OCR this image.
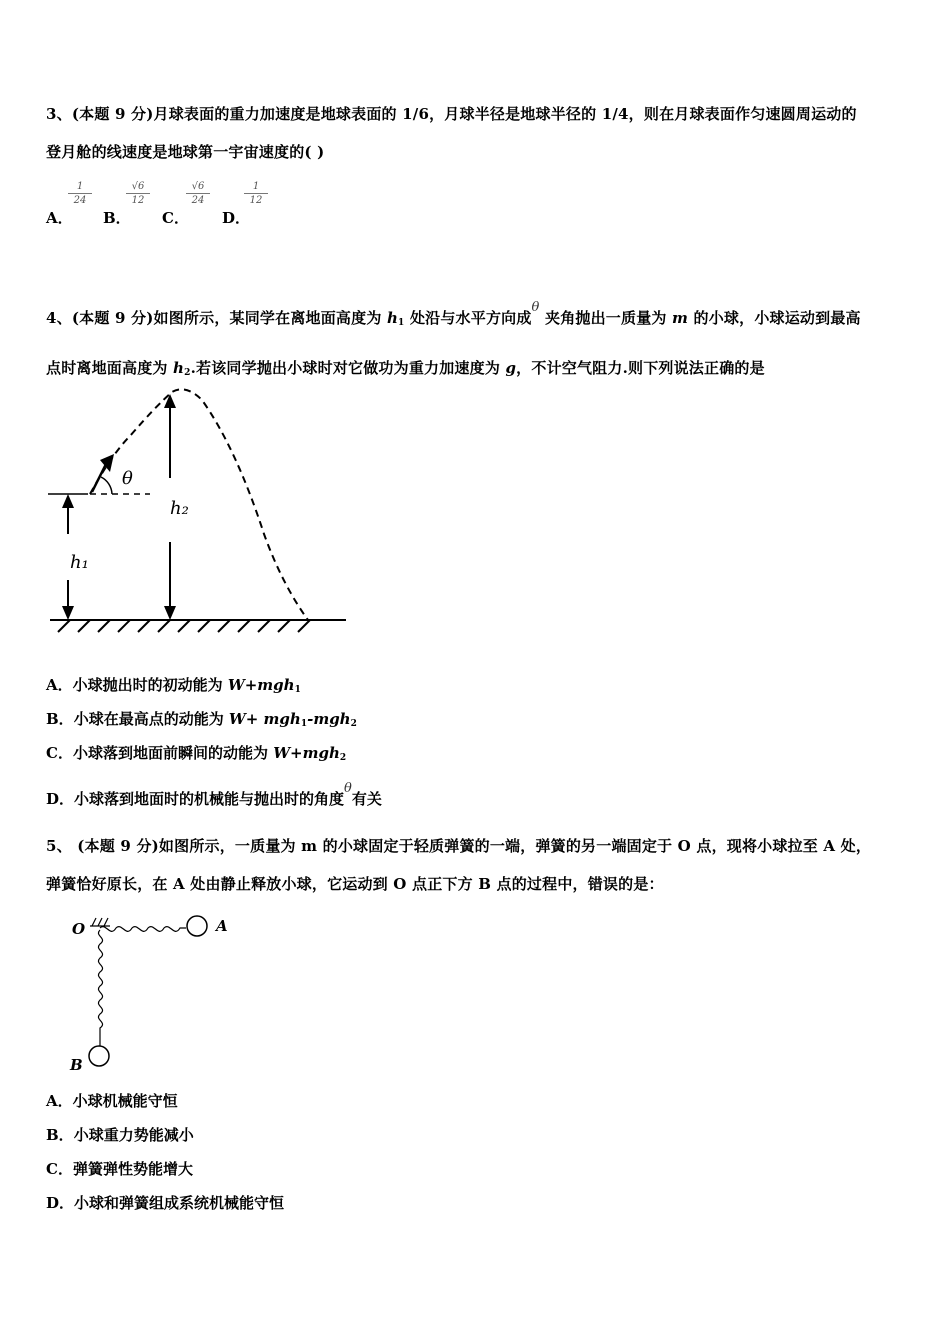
3、(本题 9 分)月球表面的重力加速度是地球表面的 1/6，月球半径是地球半径的 1/4，则在月球表面作匀速圆周运动的
登月舱的线速度是地球第一宇宙速度的( )
A．
$\frac{1}{24}$
B．
$\frac{√6}{12}$
C．
$\frac{√6}{24}$
D．
$\frac{1}{12}$
4、(本题 9 分)如图所示，某同学在离地面高度为 $h_1$ 处沿与水平方向成θ 夹角抛出一质量为 m 的小球，小球运动到最高
点时离地面高度为 $h_2$.若该同学抛出小球时对它做功为重力加速度为 g，不计空气阻力.则下列说法正确的是
θ
h₁
h₂
A．小球抛出时的初动能为 W+mgh$_1$
B．小球在最高点的动能为 W+ mgh$_1$-mgh$_2$
C．小球落到地面前瞬间的动能为 W+mgh$_2$
D．小球落到地面时的机械能与抛出时的角度θ有关
5、 (本题 9 分)如图所示，一质量为 m 的小球固定于轻质弹簧的一端，弹簧的另一端固定于 O 点，现将小球拉至 A 处，
弹簧恰好原长，在 A 处由静止释放小球，它运动到 O 点正下方 B 点的过程中，错误的是：
O	A
B
A．小球机械能守恒
B．小球重力势能减小
C．弹簧弹性势能增大
D．小球和弹簧组成系统机械能守恒
